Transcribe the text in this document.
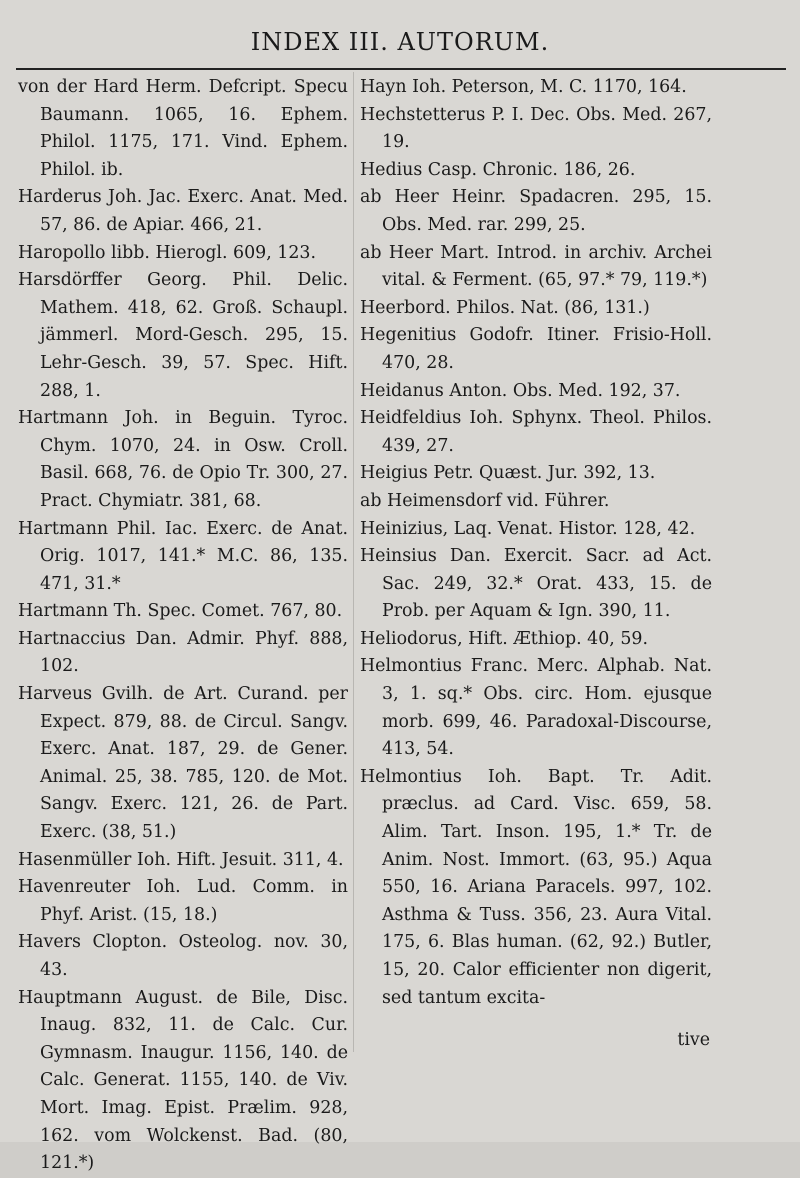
INDEX III. AUTORUM.
von der Hard Herm. Defcript. Specu Baumann. 1065, 16. Ephem. Philol. 1175, 171. Vind. Ephem. Philol. ib.
Harderus Joh. Jac. Exerc. Anat. Med. 57, 86. de Apiar. 466, 21.
Haropollo libb. Hierogl. 609, 123.
Harsdörffer Georg. Phil. Delic. Mathem. 418, 62. Groß. Schaupl. jämmerl. Mord-Gesch. 295, 15. Lehr-Gesch. 39, 57. Spec. Hift. 288, 1.
Hartmann Joh. in Beguin. Tyroc. Chym. 1070, 24. in Osw. Croll. Basil. 668, 76. de Opio Tr. 300, 27. Pract. Chymiatr. 381, 68.
Hartmann Phil. Iac. Exerc. de Anat. Orig. 1017, 141.* M.C. 86, 135. 471, 31.*
Hartmann Th. Spec. Comet. 767, 80.
Hartnaccius Dan. Admir. Phyf. 888, 102.
Harveus Gvilh. de Art. Curand. per Expect. 879, 88. de Circul. Sangv. Exerc. Anat. 187, 29. de Gener. Animal. 25, 38. 785, 120. de Mot. Sangv. Exerc. 121, 26. de Part. Exerc. (38, 51.)
Hasenmüller Ioh. Hift. Jesuit. 311, 4.
Havenreuter Ioh. Lud. Comm. in Phyf. Arist. (15, 18.)
Havers Clopton. Osteolog. nov. 30, 43.
Hauptmann August. de Bile, Disc. Inaug. 832, 11. de Calc. Cur. Gymnasm. Inaugur. 1156, 140. de Calc. Generat. 1155, 140. de Viv. Mort. Imag. Epist. Prælim. 928, 162. vom Wolckenst. Bad. (80, 121.*)
Hayn Ioh. Peterson, M. C. 1170, 164.
Hechstetterus P. I. Dec. Obs. Med. 267, 19.
Hedius Casp. Chronic. 186, 26.
ab Heer Heinr. Spadacren. 295, 15. Obs. Med. rar. 299, 25.
ab Heer Mart. Introd. in archiv. Archei vital. & Ferment. (65, 97.* 79, 119.*)
Heerbord. Philos. Nat. (86, 131.)
Hegenitius Godofr. Itiner. Frisio-Holl. 470, 28.
Heidanus Anton. Obs. Med. 192, 37.
Heidfeldius Ioh. Sphynx. Theol. Philos. 439, 27.
Heigius Petr. Quæst. Jur. 392, 13.
ab Heimensdorf vid. Führer.
Heinizius, Laq. Venat. Histor. 128, 42.
Heinsius Dan. Exercit. Sacr. ad Act. Sac. 249, 32.* Orat. 433, 15. de Prob. per Aquam & Ign. 390, 11.
Heliodorus, Hift. Æthiop. 40, 59.
Helmontius Franc. Merc. Alphab. Nat. 3, 1. sq.* Obs. circ. Hom. ejusque morb. 699, 46. Paradoxal-Discourse, 413, 54.
Helmontius Ioh. Bapt. Tr. Adit. præclus. ad Card. Visc. 659, 58. Alim. Tart. Inson. 195, 1.* Tr. de Anim. Nost. Immort. (63, 95.) Aqua 550, 16. Ariana Paracels. 997, 102. Asthma & Tuss. 356, 23. Aura Vital. 175, 6. Blas human. (62, 92.) Butler, 15, 20. Calor efficienter non digerit, sed tantum excita-
tive
